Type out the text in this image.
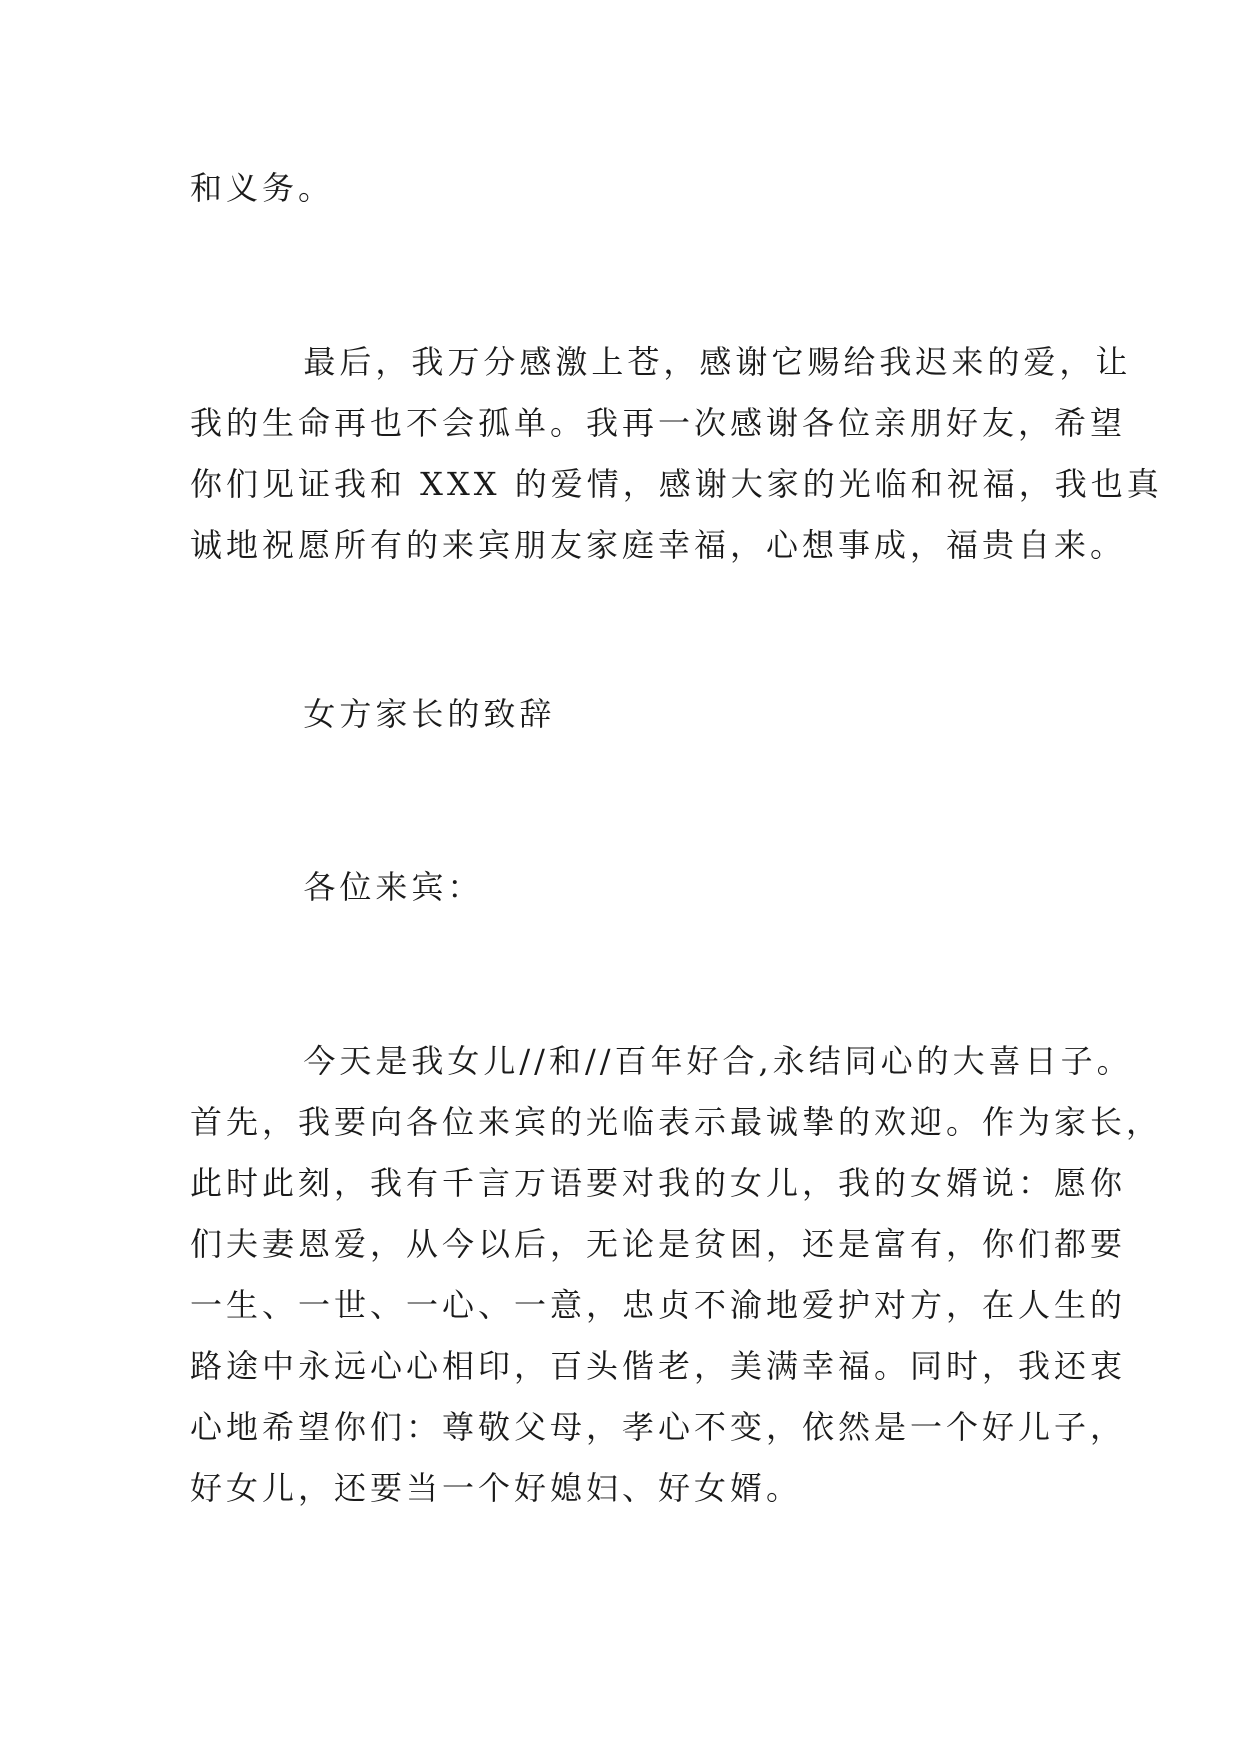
和义务。

最后，我万分感激上苍，感谢它赐给我迟来的爱，让
我的生命再也不会孤单。我再一次感谢各位亲朋好友，希望
你们见证我和 XXX 的爱情，感谢大家的光临和祝福，我也真
诚地祝愿所有的来宾朋友家庭幸福，心想事成，福贵自来。

女方家长的致辞

各位来宾：

今天是我女儿//和//百年好合,永结同心的大喜日子。
首先，我要向各位来宾的光临表示最诚挚的欢迎。作为家长，
此时此刻，我有千言万语要对我的女儿，我的女婿说：愿你
们夫妻恩爱，从今以后，无论是贫困，还是富有，你们都要
一生、一世、一心、一意，忠贞不渝地爱护对方，在人生的
路途中永远心心相印，百头偕老，美满幸福。同时，我还衷
心地希望你们：尊敬父母，孝心不变，依然是一个好儿子，
好女儿，还要当一个好媳妇、好女婿。
